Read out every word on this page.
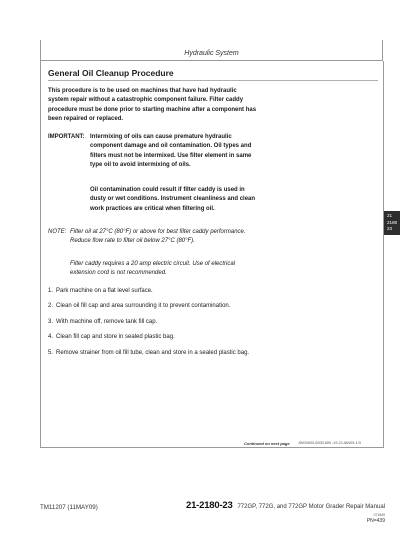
Hydraulic System
General Oil Cleanup Procedure
This procedure is to be used on machines that have had hydraulic system repair without a catastrophic component failure. Filter caddy procedure must be done prior to starting machine after a component has been repaired or replaced.
IMPORTANT: Intermixing of oils can cause premature hydraulic component damage and oil contamination. Oil types and filters must not be intermixed. Use filter element in same type oil to avoid intermixing of oils.
Oil contamination could result if filter caddy is used in dusty or wet conditions. Instrument cleanliness and clean work practices are critical when filtering oil.
NOTE: Filter oil at 27°C (80°F) or above for best filter caddy performance. Reduce flow rate to filter oil below 27°C (80°F).
Filter caddy requires a 20 amp electric circuit. Use of electrical extension cord is not recommended.
1. Park machine on a flat level surface.
2. Clean oil fill cap and area surrounding it to prevent contamination.
3. With machine off, remove tank fill cap.
4. Clean fill cap and store in sealed plastic bag.
5. Remove strainer from oil fill tube, clean and store in a sealed plastic bag.
Continued on next page JW00603,000D16B -19-21JAN09-1/3
21
2180
23
TM11207 (11MAY09)	21-2180-23 772GP, 772G, and 772GP Motor Grader Repair Manual
071609
PN=439
